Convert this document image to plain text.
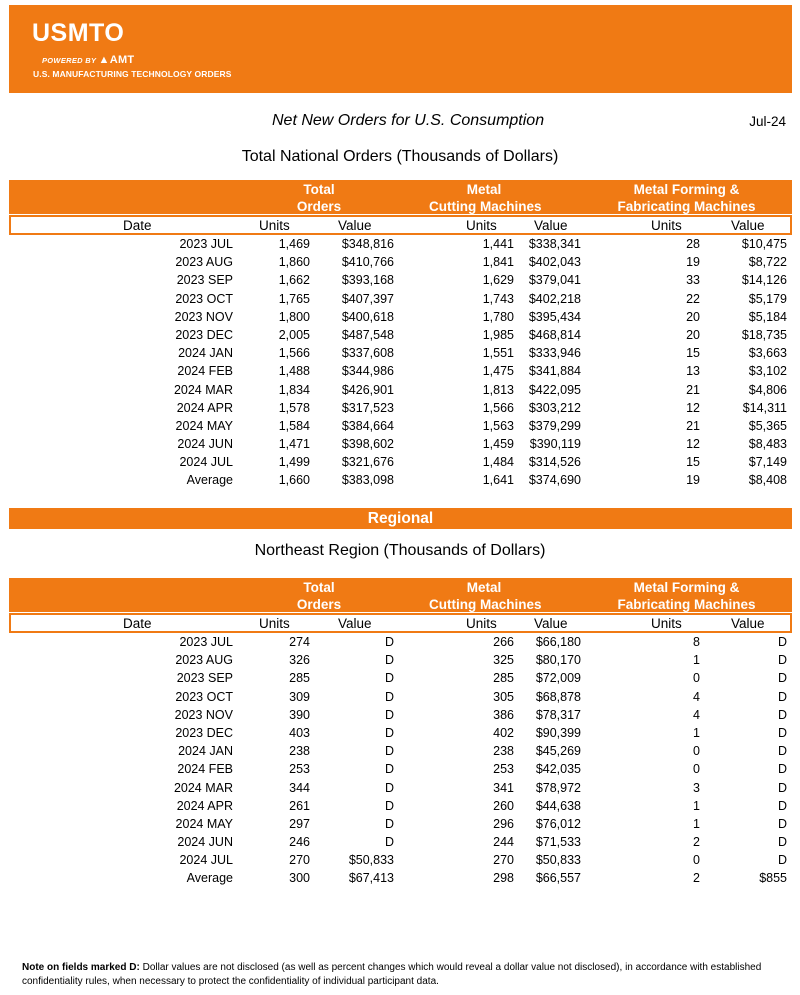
USMTO
POWERED BY ▲AMT
U.S. MANUFACTURING TECHNOLOGY ORDERS
Net New Orders for U.S. Consumption	Jul-24
Total National Orders (Thousands of Dollars)
Total
Orders
Metal
Cutting Machines
Metal Forming &
Fabricating Machines
Date	Units	Value	Units	Value	Units	Value
2023 JUL	1,469	$348,816	1,441 $338,341	28	$10,475
2023 AUG	1,860	$410,766	1,841 $402,043	19	$8,722
2023 SEP	1,662	$393,168	1,629 $379,041	33	$14,126
2023 OCT	1,765	$407,397	1,743 $402,218	22	$5,179
2023 NOV	1,800	$400,618	1,780 $395,434	20	$5,184
2023 DEC	2,005	$487,548	1,985 $468,814	20	$18,735
2024 JAN	1,566	$337,608	1,551 $333,946	15	$3,663
2024 FEB	1,488	$344,986	1,475 $341,884	13	$3,102
2024 MAR	1,834	$426,901	1,813 $422,095	21	$4,806
2024 APR	1,578	$317,523	1,566 $303,212	12	$14,311
2024 MAY	1,584	$384,664	1,563 $379,299	21	$5,365
2024 JUN	1,471	$398,602	1,459 $390,119	12	$8,483
2024 JUL	1,499	$321,676	1,484 $314,526	15	$7,149
Average	1,660	$383,098	1,641 $374,690	19	$8,408
Regional
Northeast Region (Thousands of Dollars)
Total
Orders
Metal
Cutting Machines
Metal Forming &
Fabricating Machines
Date	Units	Value	Units	Value	Units	Value
2023 JUL	274	D	266 $66,180	8	D
2023 AUG	326	D	325 $80,170	1	D
2023 SEP	285	D	285 $72,009	0	D
2023 OCT	309	D	305 $68,878	4	D
2023 NOV	390	D	386 $78,317	4	D
2023 DEC	403	D	402 $90,399	1	D
2024 JAN	238	D	238 $45,269	0	D
2024 FEB	253	D	253 $42,035	0	D
2024 MAR	344	D	341 $78,972	3	D
2024 APR	261	D	260 $44,638	1	D
2024 MAY	297	D	296 $76,012	1	D
2024 JUN	246	D	244 $71,533	2	D
2024 JUL	270	$50,833	270 $50,833	0	D
Average	300	$67,413	298 $66,557	2	$855
Note on fields marked D: Dollar values are not disclosed (as well as percent changes which would reveal a dollar value not disclosed), in accordance with established confidentiality rules, when necessary to protect the confidentiality of individual participant data.
